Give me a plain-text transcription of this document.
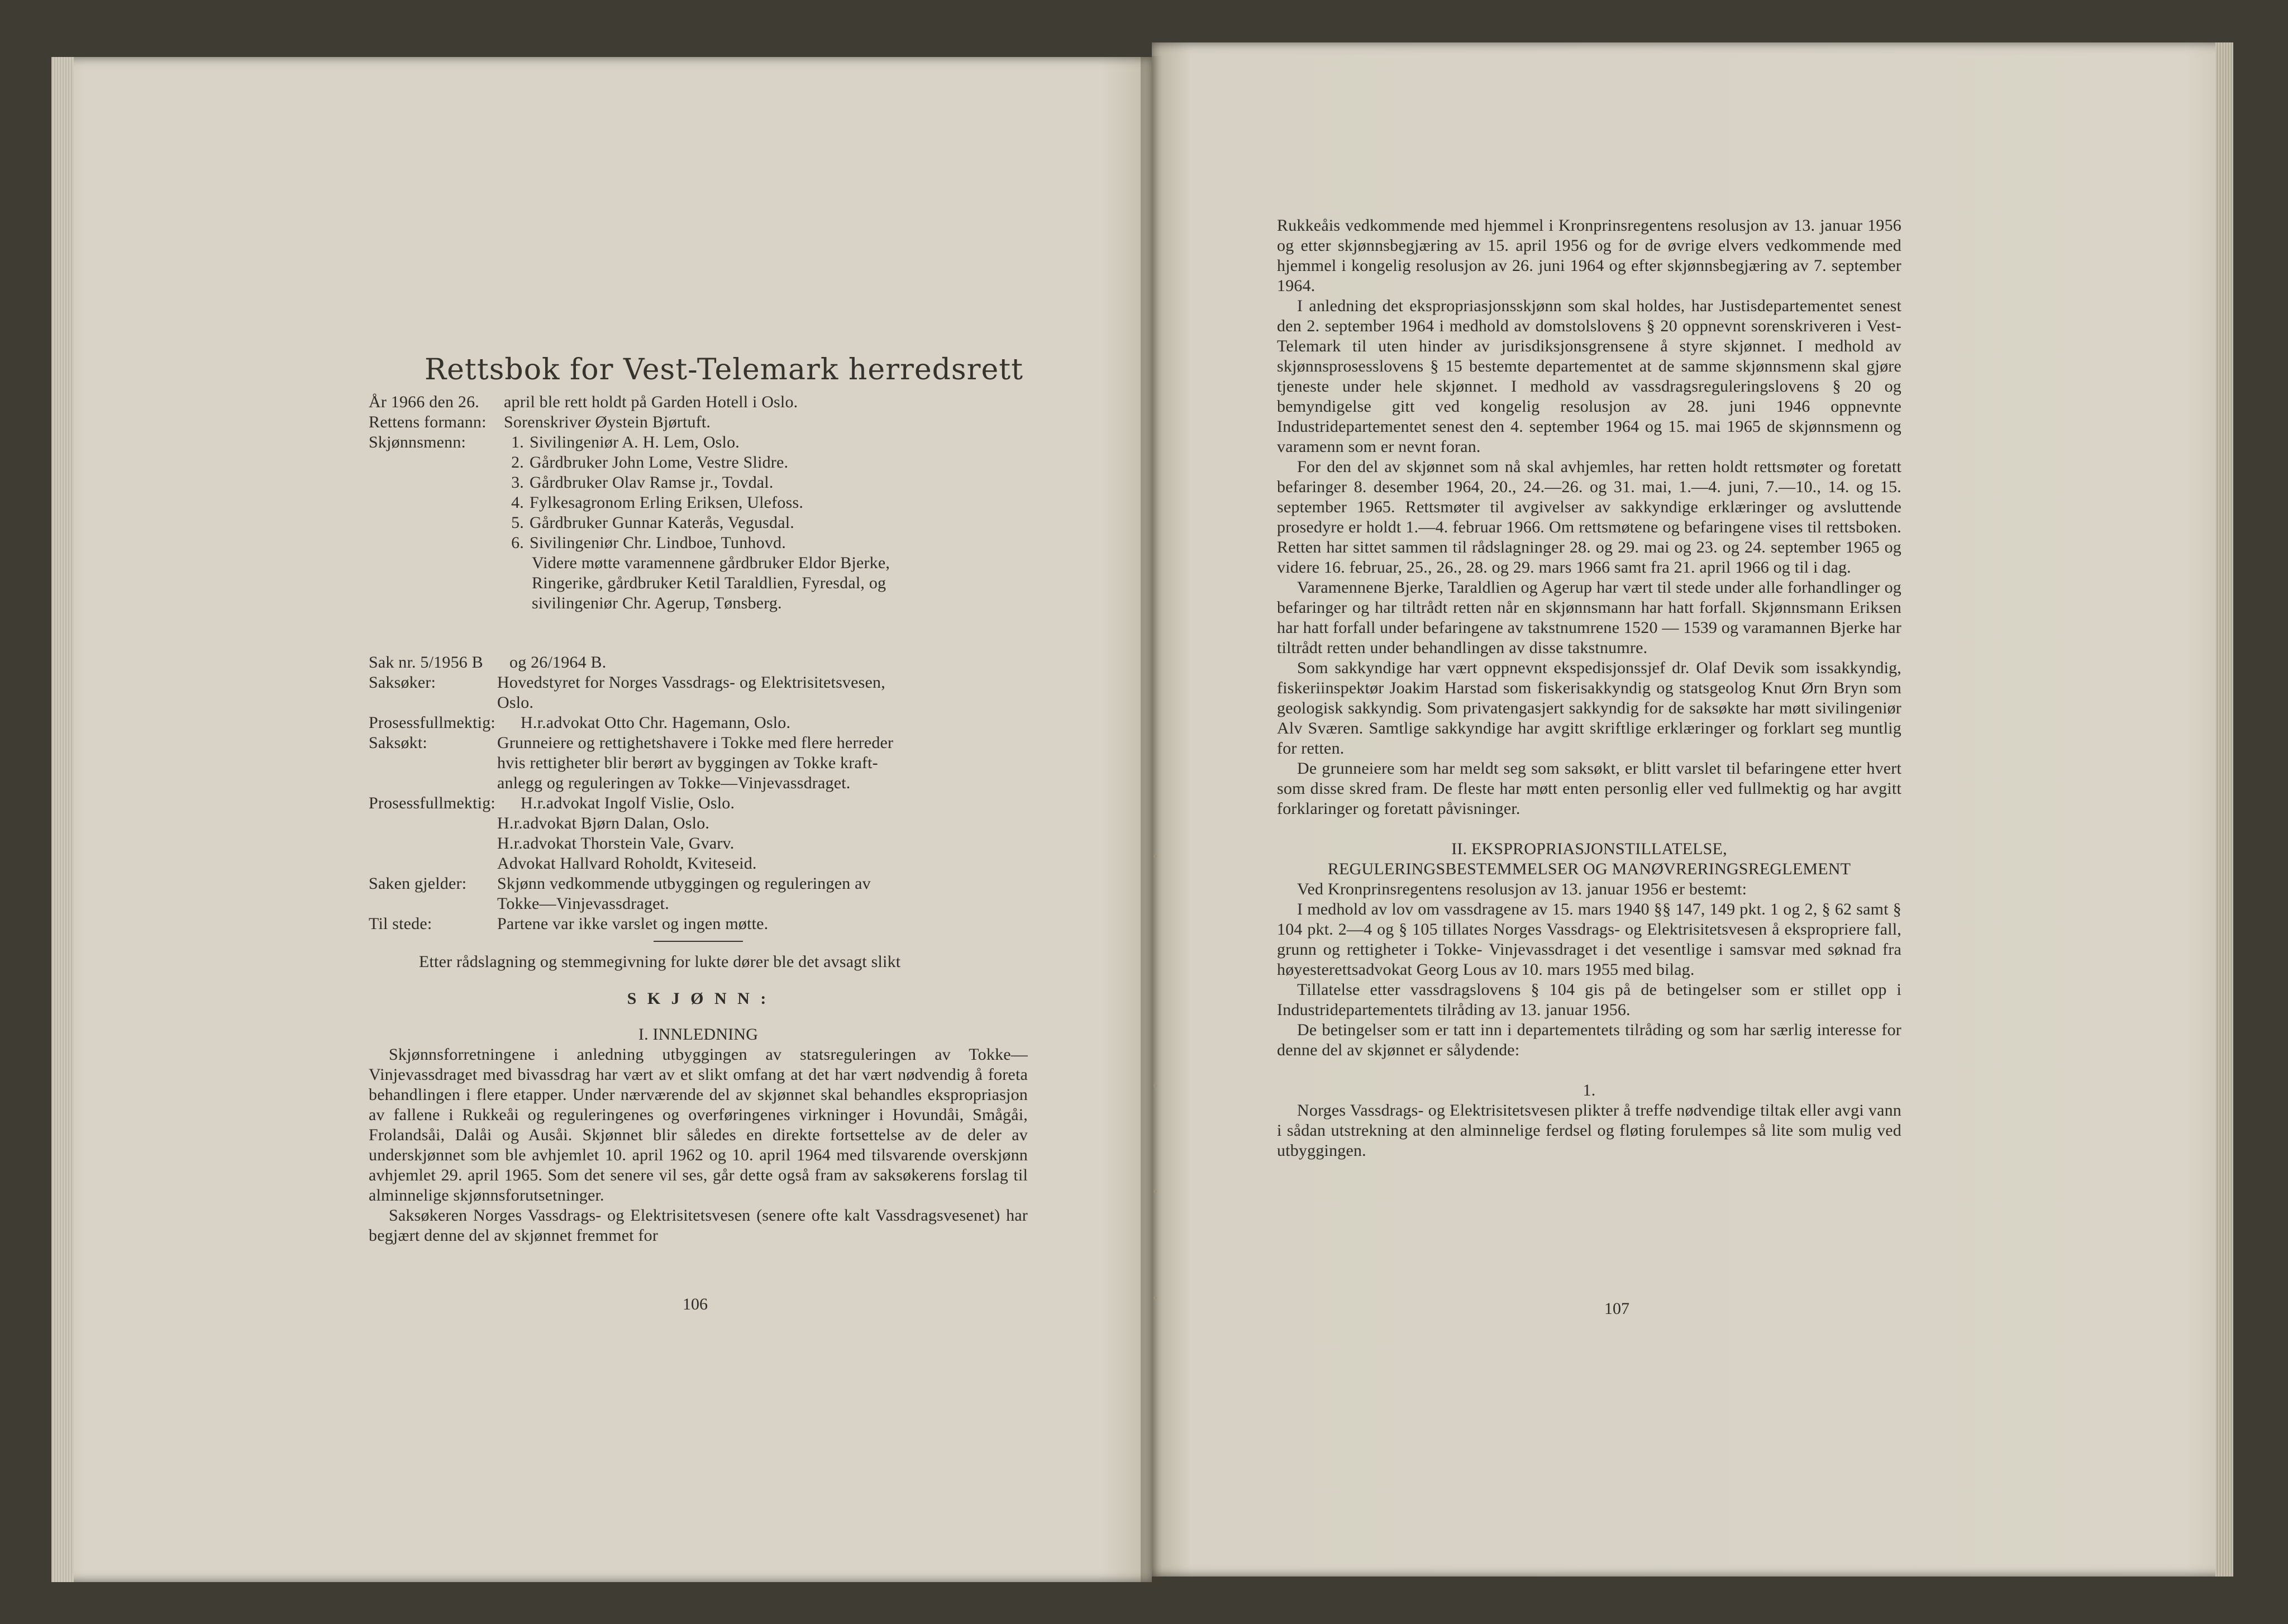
Rettsbok for Vest-Telemark herredsrett
År 1966 den 26.	april ble rett holdt på Garden Hotell i Oslo.
Rettens formann:	Sorenskriver Øystein Bjørtuft.
Skjønnsmenn:	1. Sivilingeniør A. H. Lem, Oslo.
2. Gårdbruker John Lome, Vestre Slidre.
3. Gårdbruker Olav Ramse jr., Tovdal.
4. Fylkesagronom Erling Eriksen, Ulefoss.
5. Gårdbruker Gunnar Katerås, Vegusdal.
6. Sivilingeniør Chr. Lindboe, Tunhovd.
Videre møtte varamennene gårdbruker Eldor Bjerke,
Ringerike, gårdbruker Ketil Taraldlien, Fyresdal, og
sivilingeniør Chr. Agerup, Tønsberg.
Sak nr. 5/1956 B	og 26/1964 B.
Saksøker:	Hovedstyret for Norges Vassdrags- og Elektrisitetsvesen,
Oslo.
Prosessfullmektig:	H.r.advokat Otto Chr. Hagemann, Oslo.
Saksøkt:	Grunneiere og rettighetshavere i Tokke med flere herreder
hvis rettigheter blir berørt av byggingen av Tokke kraft-
anlegg og reguleringen av Tokke—Vinjevassdraget.
Prosessfullmektig:	H.r.advokat Ingolf Vislie, Oslo.
H.r.advokat Bjørn Dalan, Oslo.
H.r.advokat Thorstein Vale, Gvarv.
Advokat Hallvard Roholdt, Kviteseid.
Saken gjelder:	Skjønn vedkommende utbyggingen og reguleringen av
Tokke—Vinjevassdraget.
Til stede:	Partene var ikke varslet og ingen møtte.
Etter rådslagning og stemmegivning for lukte dører ble det avsagt slikt
S K J Ø N N :
I. INNLEDNING

Skjønnsforretningene i anledning utbyggingen av statsreguleringen av Tokke—Vinjevassdraget med bivassdrag har vært av et slikt omfang at det har vært nødvendig å foreta behandlingen i flere etapper. Under nærværende del av skjønnet skal behandles ekspropriasjon av fallene i Rukkeåi og reguleringenes og overføringenes virkninger i Hovundåi, Smågåi, Frolandsåi, Dalåi og Ausåi. Skjønnet blir således en direkte fortsettelse av de deler av underskjønnet som ble avhjemlet 10. april 1962 og 10. april 1964 med tilsvarende overskjønn avhjemlet 29. april 1965. Som det senere vil ses, går dette også fram av saksøkerens forslag til alminnelige skjønnsforutsetninger.

Saksøkeren Norges Vassdrags- og Elektrisitetsvesen (senere ofte kalt Vassdragsvesenet) har begjært denne del av skjønnet fremmet for

106

Rukkeåis vedkommende med hjemmel i Kronprinsregentens resolusjon av 13. januar 1956 og etter skjønnsbegjæring av 15. april 1956 og for de øvrige elvers vedkommende med hjemmel i kongelig resolusjon av 26. juni 1964 og efter skjønnsbegjæring av 7. september 1964.

I anledning det ekspropriasjonsskjønn som skal holdes, har Justisdepartementet senest den 2. september 1964 i medhold av domstolslovens § 20 oppnevnt sorenskriveren i Vest-Telemark til uten hinder av jurisdiksjonsgrensene å styre skjønnet. I medhold av skjønnsprosesslovens § 15 bestemte departementet at de samme skjønnsmenn skal gjøre tjeneste under hele skjønnet. I medhold av vassdragsreguleringslovens § 20 og bemyndigelse gitt ved kongelig resolusjon av 28. juni 1946 oppnevnte Industridepartementet senest den 4. september 1964 og 15. mai 1965 de skjønnsmenn og varamenn som er nevnt foran.

For den del av skjønnet som nå skal avhjemles, har retten holdt rettsmøter og foretatt befaringer 8. desember 1964, 20., 24.—26. og 31. mai, 1.—4. juni, 7.—10., 14. og 15. september 1965. Rettsmøter til avgivelser av sakkyndige erklæringer og avsluttende prosedyre er holdt 1.—4. februar 1966. Om rettsmøtene og befaringene vises til rettsboken. Retten har sittet sammen til rådslagninger 28. og 29. mai og 23. og 24. september 1965 og videre 16. februar, 25., 26., 28. og 29. mars 1966 samt fra 21. april 1966 og til i dag.

Varamennene Bjerke, Taraldlien og Agerup har vært til stede under alle forhandlinger og befaringer og har tiltrådt retten når en skjønnsmann har hatt forfall. Skjønnsmann Eriksen har hatt forfall under befaringene av takstnumrene 1520 — 1539 og varamannen Bjerke har tiltrådt retten under behandlingen av disse takstnumre.

Som sakkyndige har vært oppnevnt ekspedisjonssjef dr. Olaf Devik som issakkyndig, fiskeriinspektør Joakim Harstad som fiskerisakkyndig og statsgeolog Knut Ørn Bryn som geologisk sakkyndig. Som privatengasjert sakkyndig for de saksøkte har møtt sivilingeniør Alv Sværen. Samtlige sakkyndige har avgitt skriftlige erklæringer og forklart seg muntlig for retten.

De grunneiere som har meldt seg som saksøkt, er blitt varslet til befaringene etter hvert som disse skred fram. De fleste har møtt enten personlig eller ved fullmektig og har avgitt forklaringer og foretatt påvisninger.

II. EKSPROPRIASJONSTILLATELSE,
REGULERINGSBESTEMMELSER OG MANØVRERINGSREGLEMENT

Ved Kronprinsregentens resolusjon av 13. januar 1956 er bestemt:

I medhold av lov om vassdragene av 15. mars 1940 §§ 147, 149 pkt. 1 og 2, § 62 samt § 104 pkt. 2—4 og § 105 tillates Norges Vassdrags- og Elektrisitetsvesen å ekspropriere fall, grunn og rettigheter i Tokke- Vinjevassdraget i det vesentlige i samsvar med søknad fra høyesterettsadvokat Georg Lous av 10. mars 1955 med bilag.

Tillatelse etter vassdragslovens § 104 gis på de betingelser som er stillet opp i Industridepartementets tilråding av 13. januar 1956.

De betingelser som er tatt inn i departementets tilråding og som har særlig interesse for denne del av skjønnet er sålydende:

1.

Norges Vassdrags- og Elektrisitetsvesen plikter å treffe nødvendige tiltak eller avgi vann i sådan utstrekning at den alminnelige ferdsel og fløting forulempes så lite som mulig ved utbyggingen.

107
